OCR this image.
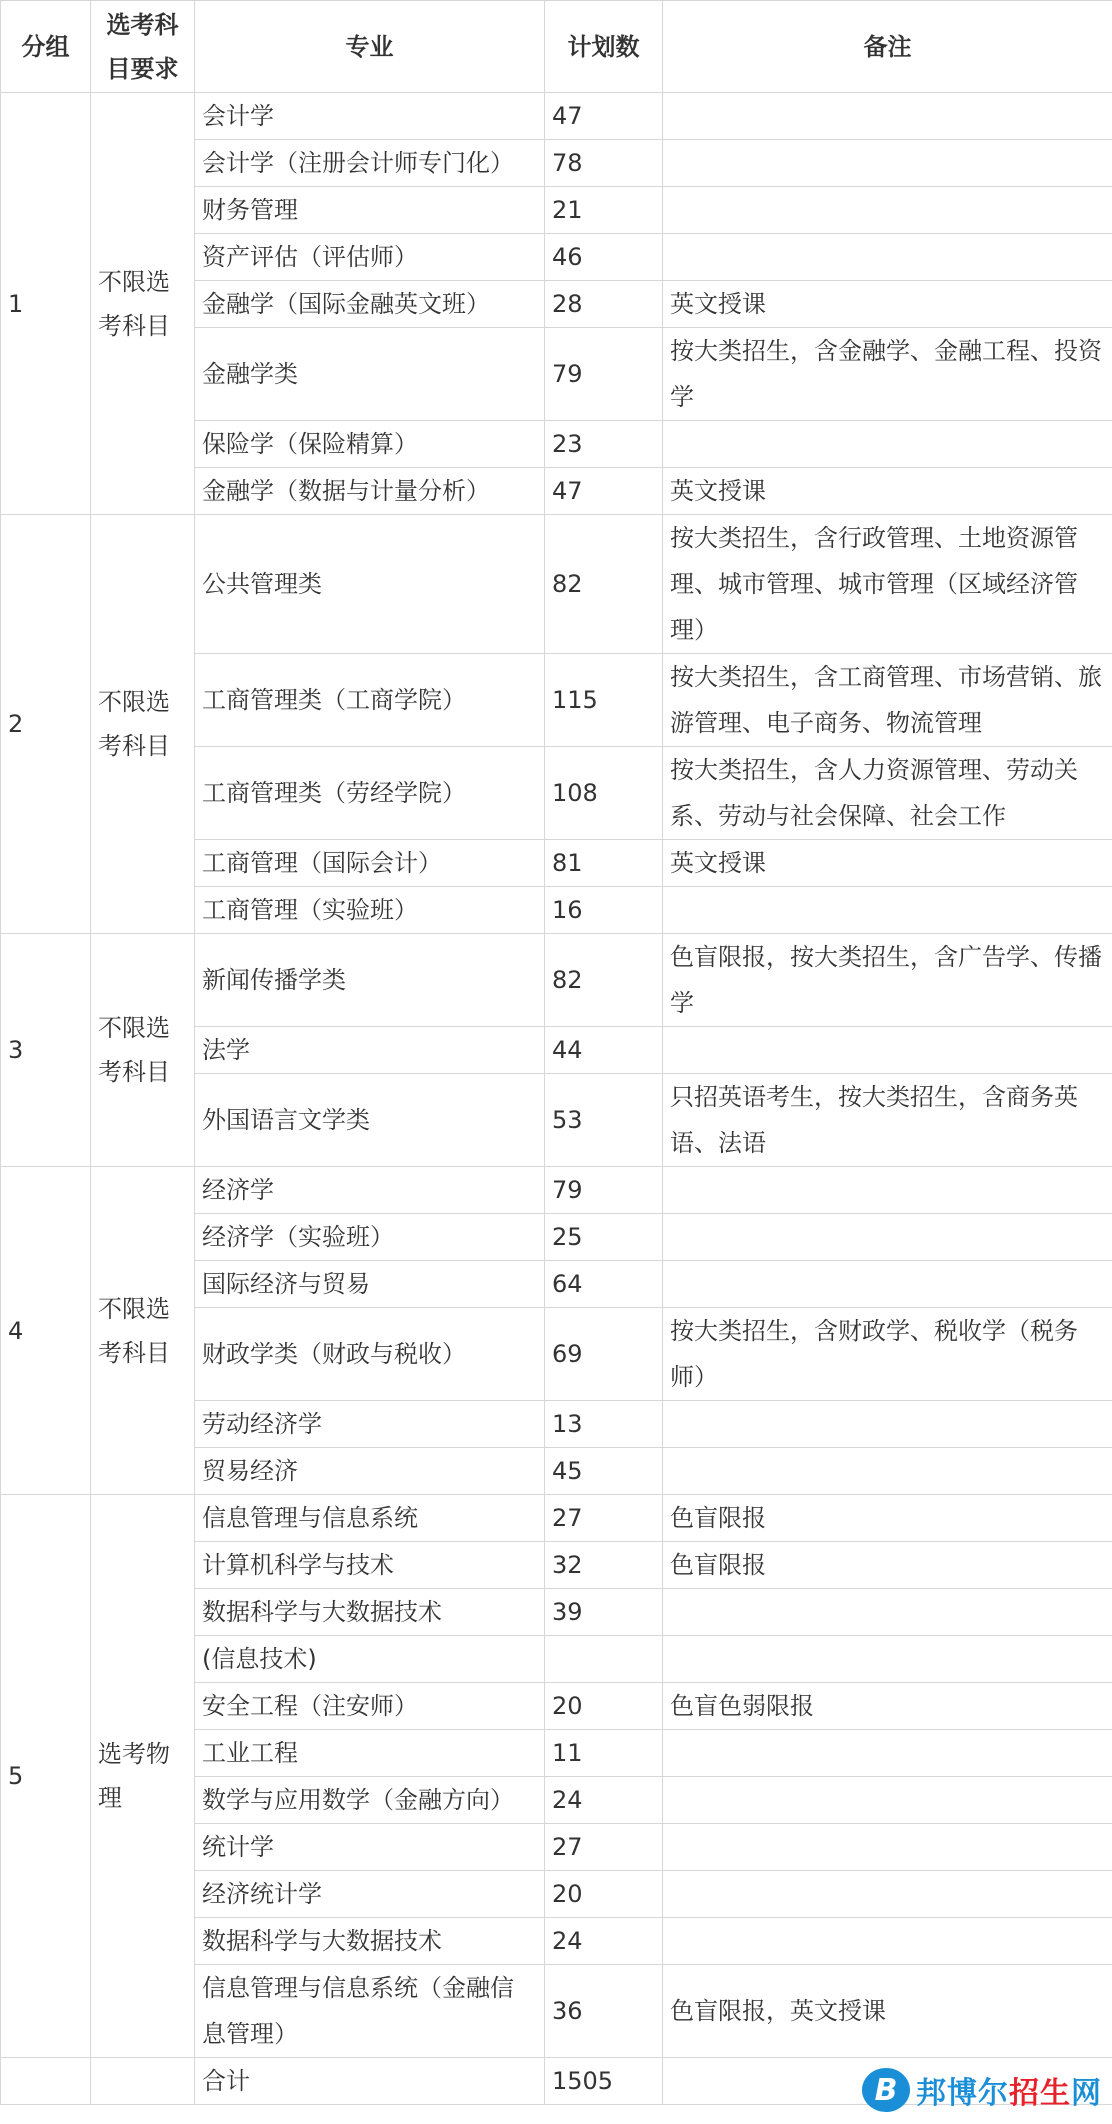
分组	选考科目要求	专业	计划数	备注
1	不限选考科目	会计学	47	
		会计学（注册会计师专门化）	78	
		财务管理	21	
		资产评估（评估师）	46	
		金融学（国际金融英文班）	28	英文授课
		金融学类	79	按大类招生，含金融学、金融工程、投资学
		保险学（保险精算）	23	
		金融学（数据与计量分析）	47	英文授课
2	不限选考科目	公共管理类	82	按大类招生，含行政管理、土地资源管理、城市管理、城市管理（区域经济管理）
		工商管理类（工商学院）	115	按大类招生，含工商管理、市场营销、旅游管理、电子商务、物流管理
		工商管理类（劳经学院）	108	按大类招生，含人力资源管理、劳动关系、劳动与社会保障、社会工作
		工商管理（国际会计）	81	英文授课
		工商管理（实验班）	16	
3	不限选考科目	新闻传播学类	82	色盲限报，按大类招生，含广告学、传播学
		法学	44	
		外国语言文学类	53	只招英语考生，按大类招生，含商务英语、法语
4	不限选考科目	经济学	79	
		经济学（实验班）	25	
		国际经济与贸易	64	
		财政学类（财政与税收）	69	按大类招生，含财政学、税收学（税务师）
		劳动经济学	13	
		贸易经济	45	
5	选考物理	信息管理与信息系统	27	色盲限报
		计算机科学与技术	32	色盲限报
		数据科学与大数据技术	39	
		(信息技术)		
		安全工程（注安师）	20	色盲色弱限报
		工业工程	11	
		数学与应用数学（金融方向）	24	
		统计学	27	
		经济统计学	20	
		数据科学与大数据技术	24	
		信息管理与信息系统（金融信息管理）	36	色盲限报，英文授课
		合计	1505		B 邦博尔招生网
